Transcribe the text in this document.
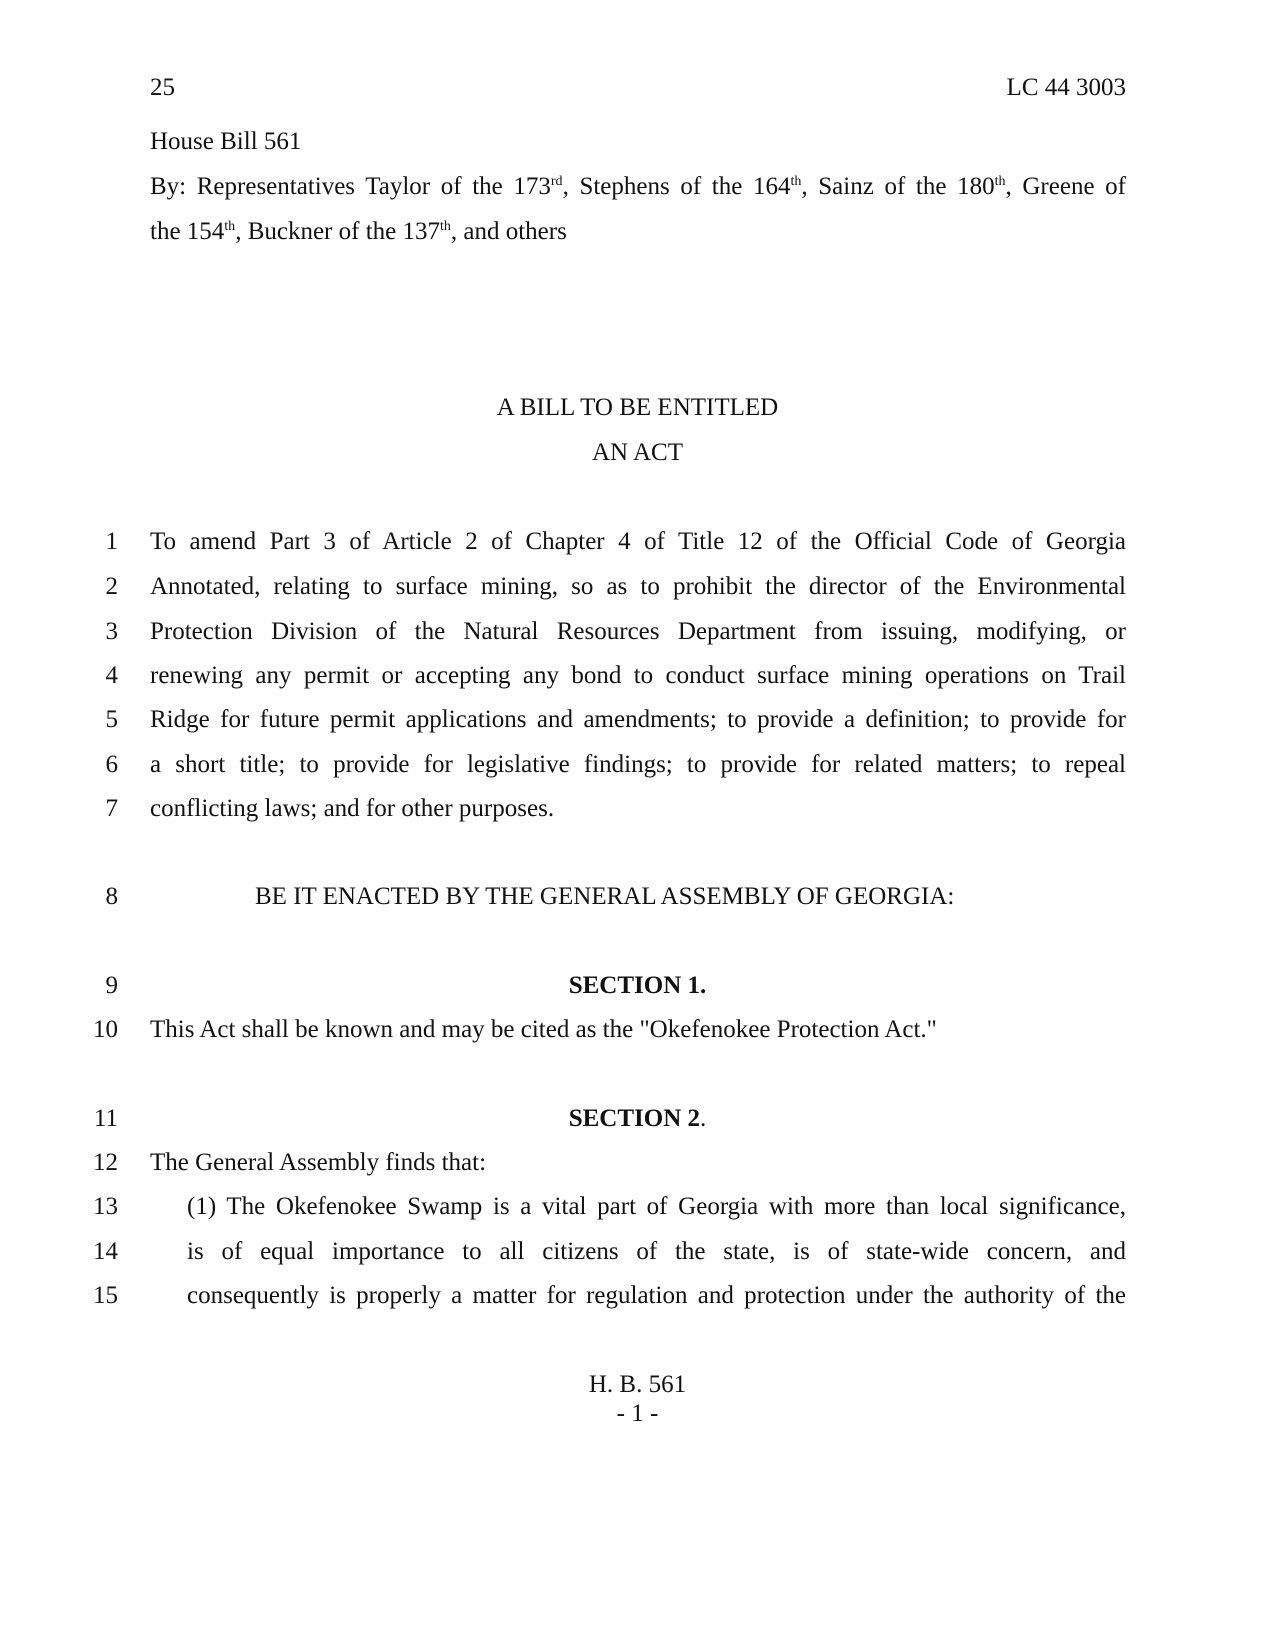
25	LC 44 3003
House Bill 561
By: Representatives Taylor of the 173rd, Stephens of the 164th, Sainz of the 180th, Greene of
the 154th, Buckner of the 137th, and others
A BILL TO BE ENTITLED
AN ACT
1 To amend Part 3 of Article 2 of Chapter 4 of Title 12 of the Official Code of Georgia
2 Annotated, relating to surface mining, so as to prohibit the director of the Environmental
3 Protection Division of the Natural Resources Department from issuing, modifying, or
4 renewing any permit or accepting any bond to conduct surface mining operations on Trail
5 Ridge for future permit applications and amendments; to provide a definition; to provide for
6 a short title; to provide for legislative findings; to provide for related matters; to repeal
7 conflicting laws; and for other purposes.
8	BE IT ENACTED BY THE GENERAL ASSEMBLY OF GEORGIA:
9	SECTION 1.
10 This Act shall be known and may be cited as the "Okefenokee Protection Act."
11	SECTION 2.
12 The General Assembly finds that:
13	(1) The Okefenokee Swamp is a vital part of Georgia with more than local significance,
14	is of equal importance to all citizens of the state, is of state-wide concern, and
15	consequently is properly a matter for regulation and protection under the authority of the
H. B. 561
- 1 -
